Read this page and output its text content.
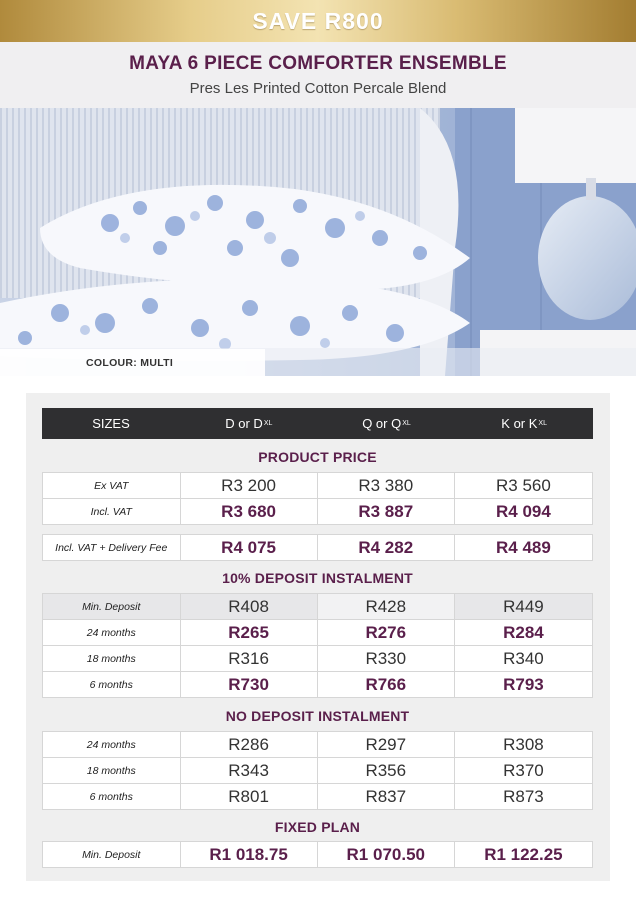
SAVE R800
MAYA 6 PIECE COMFORTER ENSEMBLE
Pres Les Printed Cotton Percale Blend
COLOUR: MULTI
SIZES	D or D XL	Q or Q XL	K or K XL
PRODUCT PRICE
Ex VAT	R3 200	R3 380	R3 560
Incl. VAT	R3 680	R3 887	R4 094
Incl. VAT + Delivery Fee	R4 075	R4 282	R4 489
10% DEPOSIT INSTALMENT
Min. Deposit	R408	R428	R449
24 months	R265	R276	R284
18 months	R316	R330	R340
6 months	R730	R766	R793
NO DEPOSIT INSTALMENT
24 months	R286	R297	R308
18 months	R343	R356	R370
6 months	R801	R837	R873
FIXED PLAN
Min. Deposit	R1 018.75	R1 070.50	R1 122.25
